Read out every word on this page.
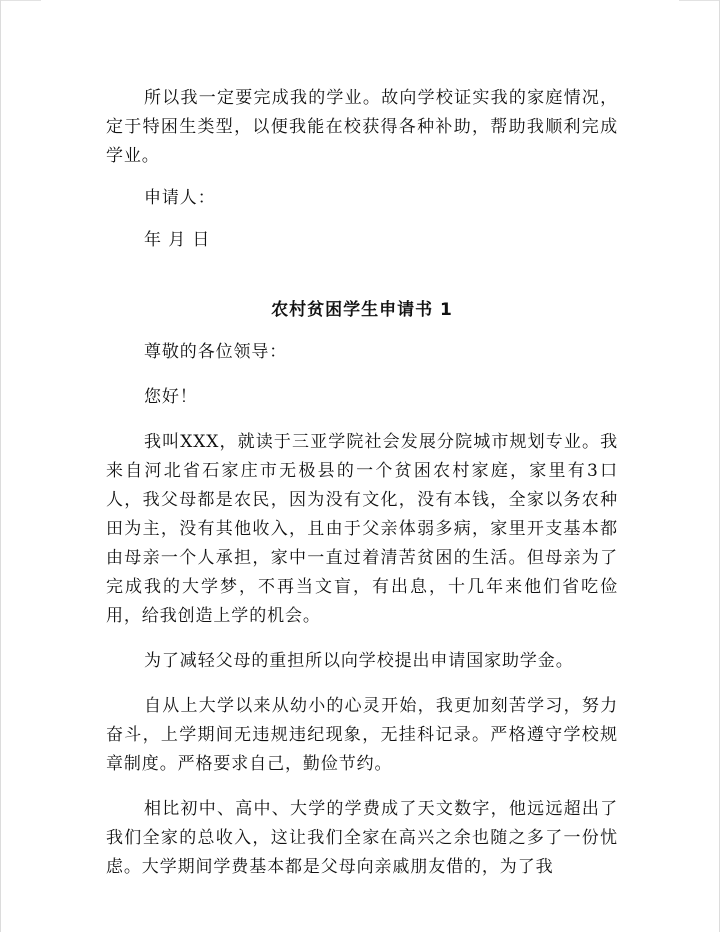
所以我一定要完成我的学业。故向学校证实我的家庭情况，定于特困生类型，以便我能在校获得各种补助，帮助我顺利完成学业。

申请人：

年 月 日

农村贫困学生申请书 1

尊敬的各位领导：

您好！

我叫XXX，就读于三亚学院社会发展分院城市规划专业。我来自河北省石家庄市无极县的一个贫困农村家庭，家里有3口人，我父母都是农民，因为没有文化，没有本钱，全家以务农种田为主，没有其他收入，且由于父亲体弱多病，家里开支基本都由母亲一个人承担，家中一直过着清苦贫困的生活。但母亲为了完成我的大学梦，不再当文盲，有出息，十几年来他们省吃俭用，给我创造上学的机会。

为了减轻父母的重担所以向学校提出申请国家助学金。

自从上大学以来从幼小的心灵开始，我更加刻苦学习，努力奋斗，上学期间无违规违纪现象，无挂科记录。严格遵守学校规章制度。严格要求自己，勤俭节约。

相比初中、高中、大学的学费成了天文数字，他远远超出了我们全家的总收入，这让我们全家在高兴之余也随之多了一份忧虑。大学期间学费基本都是父母向亲戚朋友借的，为了我
